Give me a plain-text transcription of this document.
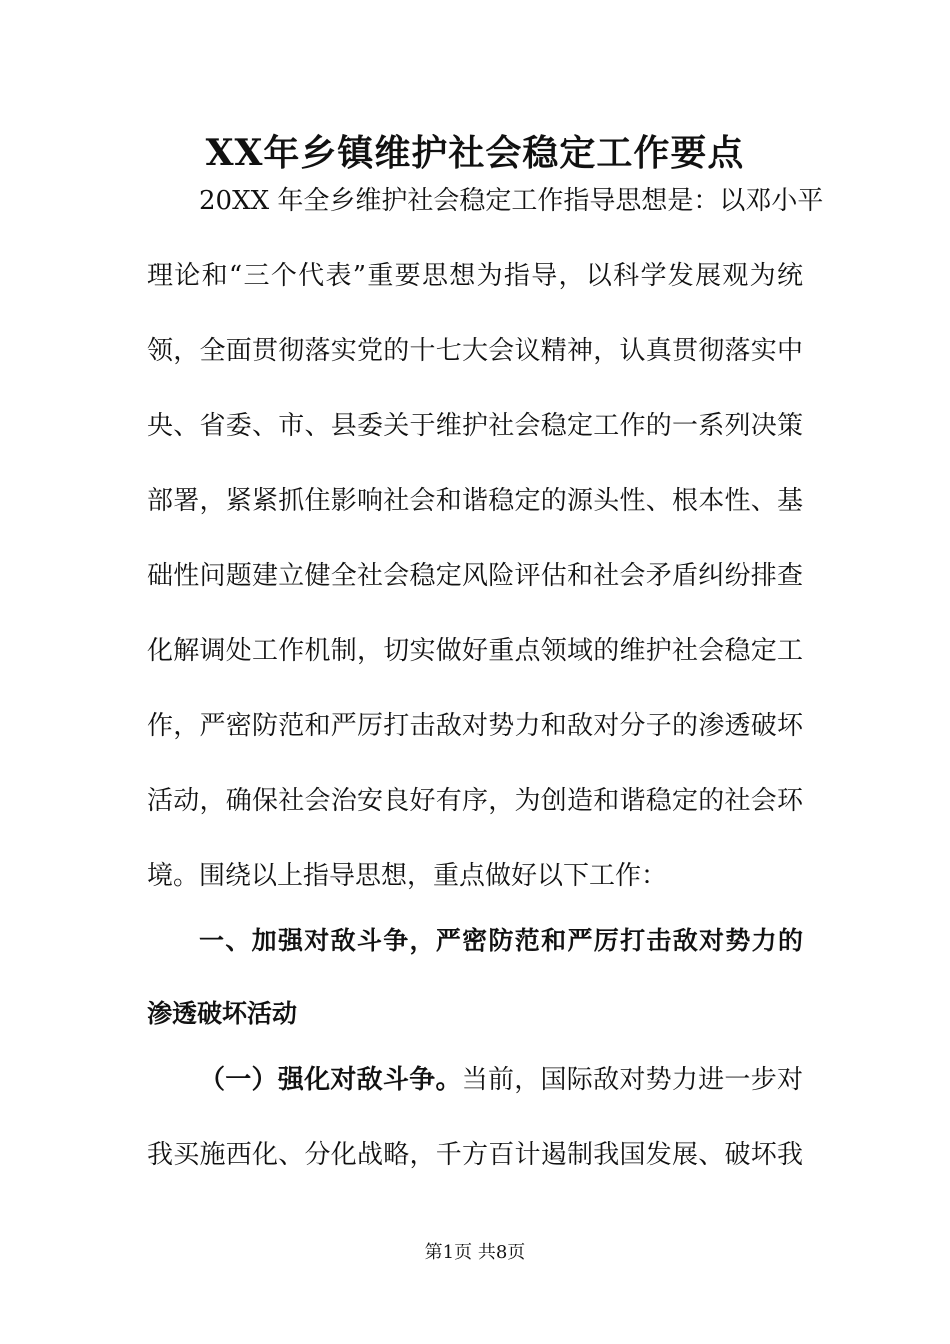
XX年乡镇维护社会稳定工作要点
20XX 年全乡维护社会稳定工作指导思想是：以邓小平
理论和“三个代表”重要思想为指导，以科学发展观为统
领，全面贯彻落实党的十七大会议精神，认真贯彻落实中
央、省委、市、县委关于维护社会稳定工作的一系列决策
部署，紧紧抓住影响社会和谐稳定的源头性、根本性、基
础性问题建立健全社会稳定风险评估和社会矛盾纠纷排查
化解调处工作机制，切实做好重点领域的维护社会稳定工
作，严密防范和严厉打击敌对势力和敌对分子的渗透破坏
活动，确保社会治安良好有序，为创造和谐稳定的社会环
境。围绕以上指导思想，重点做好以下工作：
一、加强对敌斗争，严密防范和严厉打击敌对势力的
渗透破坏活动
（一）强化对敌斗争。当前，国际敌对势力进一步对
我买施西化、分化战略，千方百计遏制我国发展、破坏我
第1页 共8页
